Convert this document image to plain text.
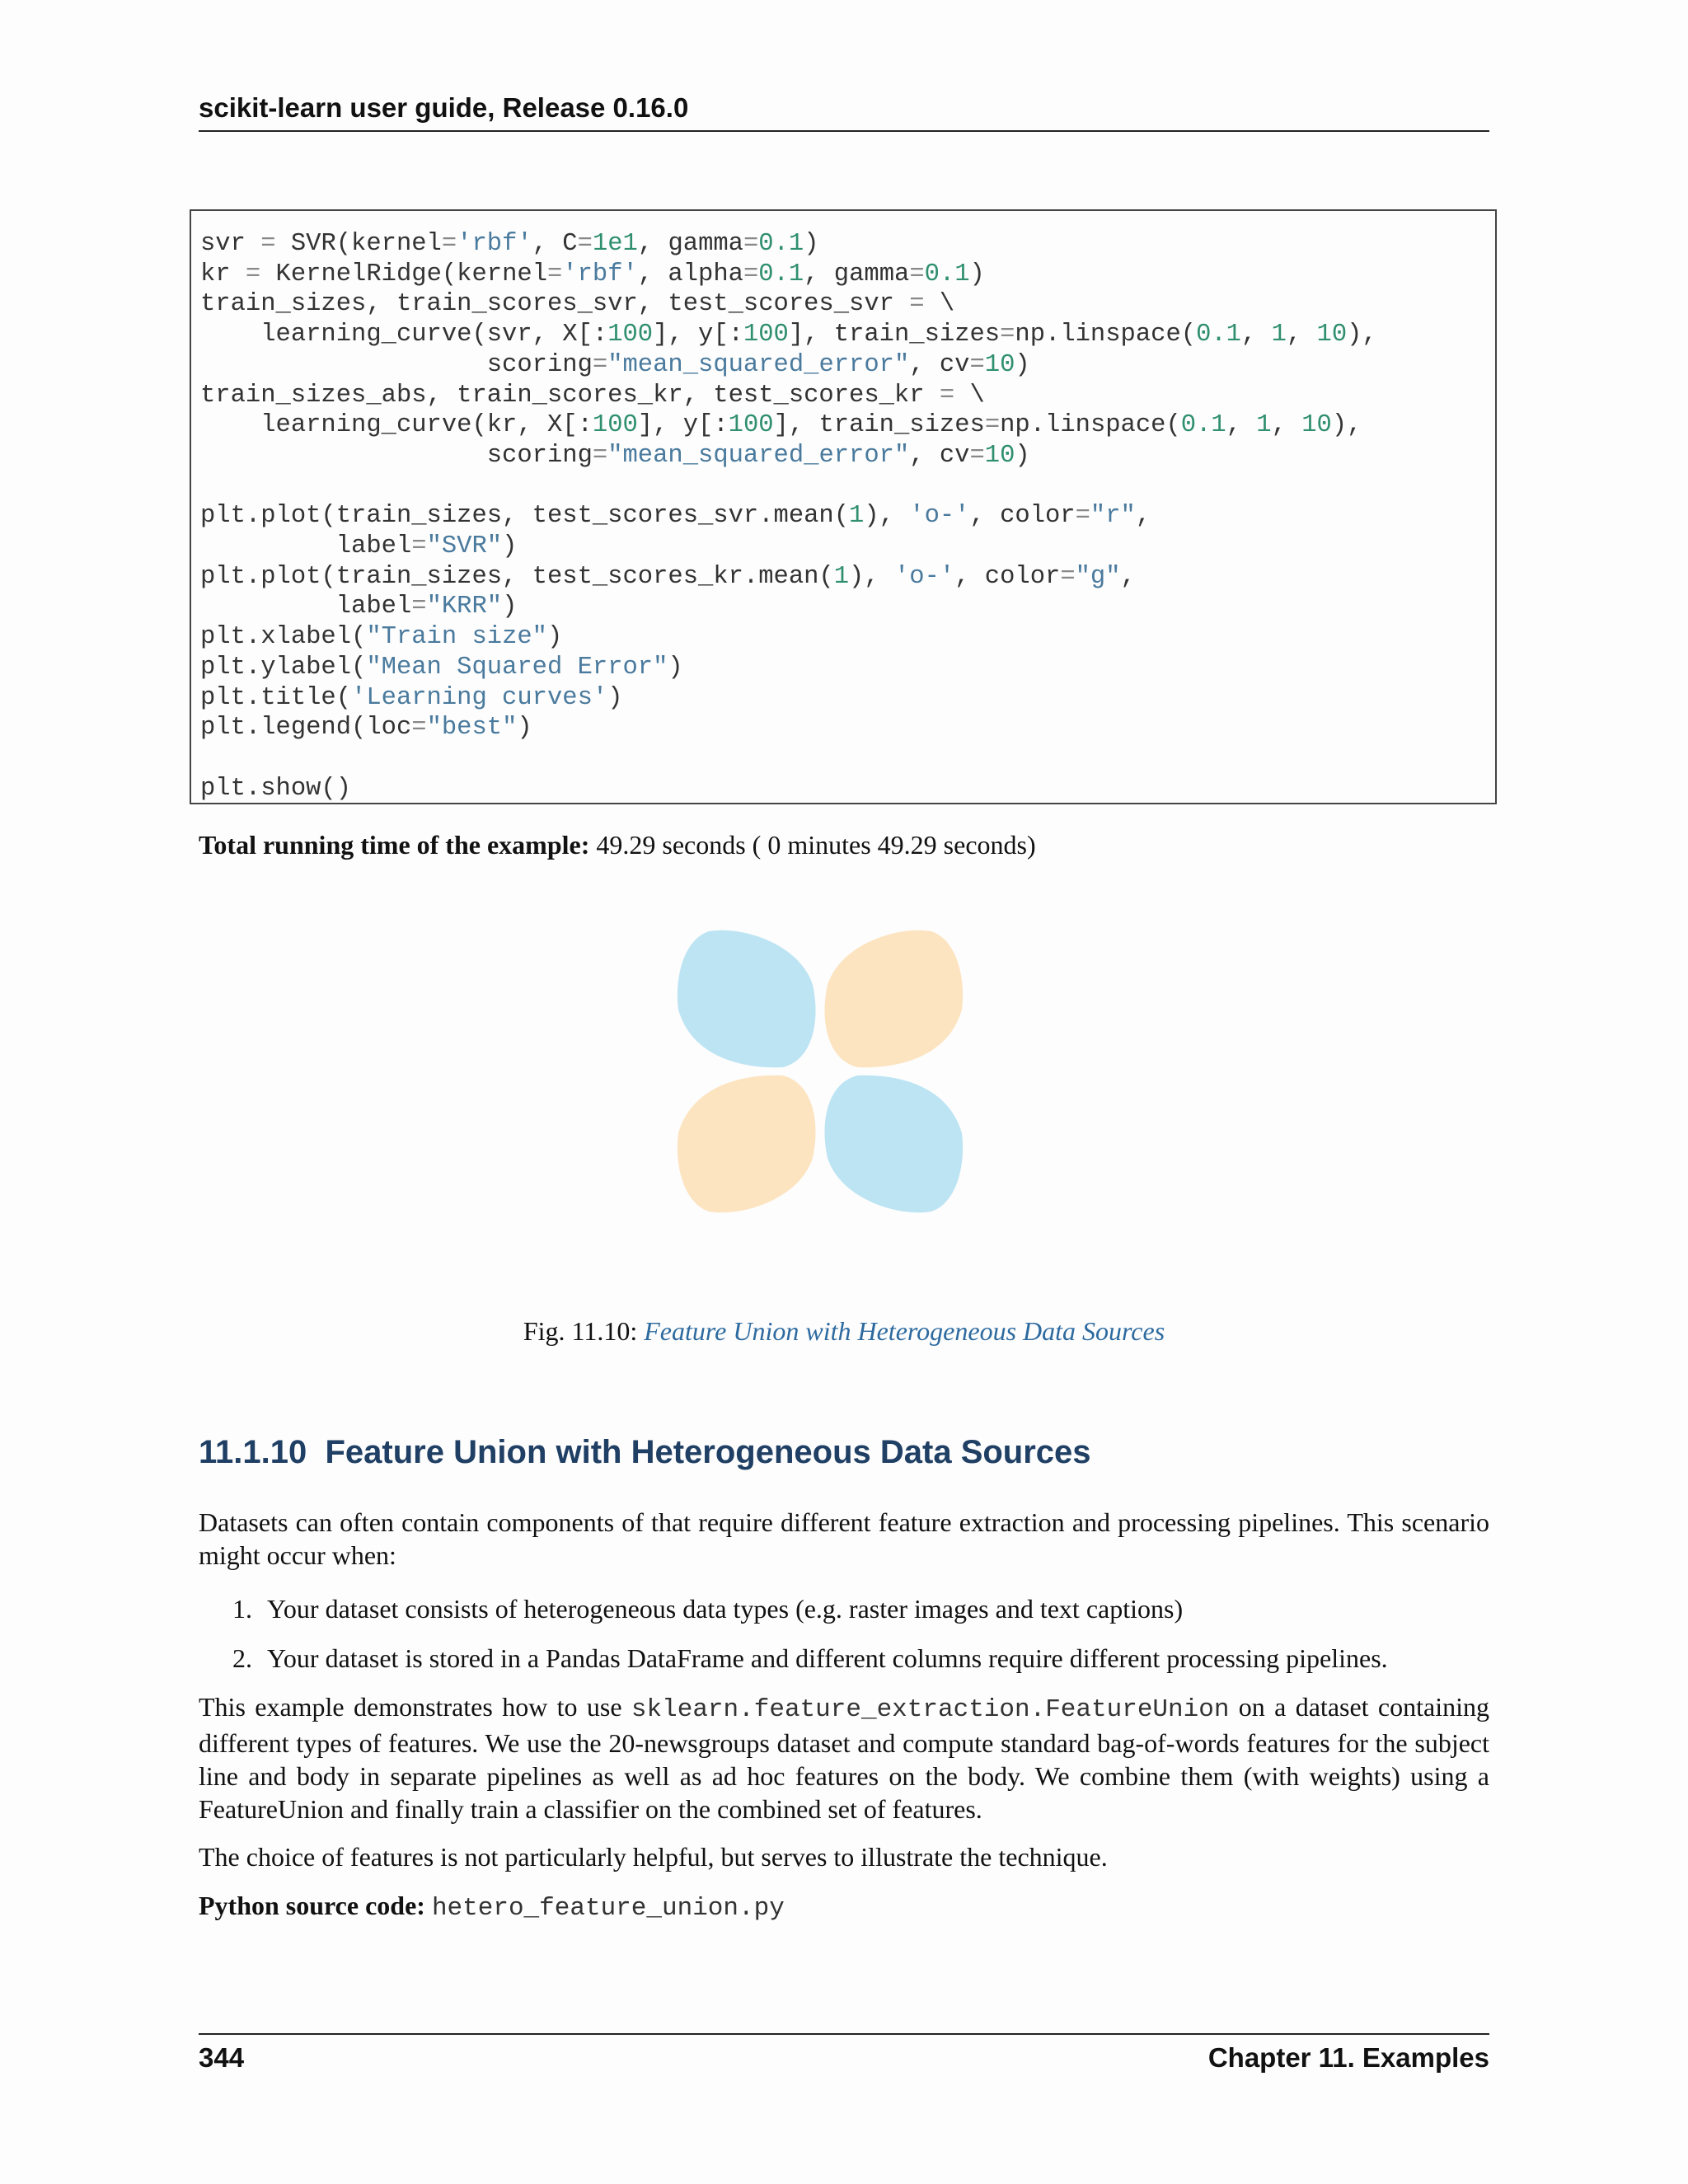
scikit-learn user guide, Release 0.16.0
svr = SVR(kernel='rbf', C=1e1, gamma=0.1)
kr = KernelRidge(kernel='rbf', alpha=0.1, gamma=0.1)
train_sizes, train_scores_svr, test_scores_svr = \
learning_curve(svr, X[:100], y[:100], train_sizes=np.linspace(0.1, 1, 10),
scoring="mean_squared_error", cv=10)
train_sizes_abs, train_scores_kr, test_scores_kr = \
learning_curve(kr, X[:100], y[:100], train_sizes=np.linspace(0.1, 1, 10),
scoring="mean_squared_error", cv=10)

plt.plot(train_sizes, test_scores_svr.mean(1), 'o-', color="r",
label="SVR")
plt.plot(train_sizes, test_scores_kr.mean(1), 'o-', color="g",
label="KRR")
plt.xlabel("Train size")
plt.ylabel("Mean Squared Error")
plt.title('Learning curves')
plt.legend(loc="best")

plt.show()
Total running time of the example: 49.29 seconds ( 0 minutes 49.29 seconds)
Fig. 11.10: Feature Union with Heterogeneous Data Sources
11.1.10 Feature Union with Heterogeneous Data Sources
Datasets can often contain components of that require different feature extraction and processing pipelines. This scenario might occur when:
1. Your dataset consists of heterogeneous data types (e.g. raster images and text captions)
2. Your dataset is stored in a Pandas DataFrame and different columns require different processing pipelines.
This example demonstrates how to use sklearn.feature_extraction.FeatureUnion on a dataset containing different types of features. We use the 20-newsgroups dataset and compute standard bag-of-words features for the subject line and body in separate pipelines as well as ad hoc features on the body. We combine them (with weights) using a FeatureUnion and finally train a classifier on the combined set of features.
The choice of features is not particularly helpful, but serves to illustrate the technique.
Python source code: hetero_feature_union.py
344	Chapter 11. Examples
